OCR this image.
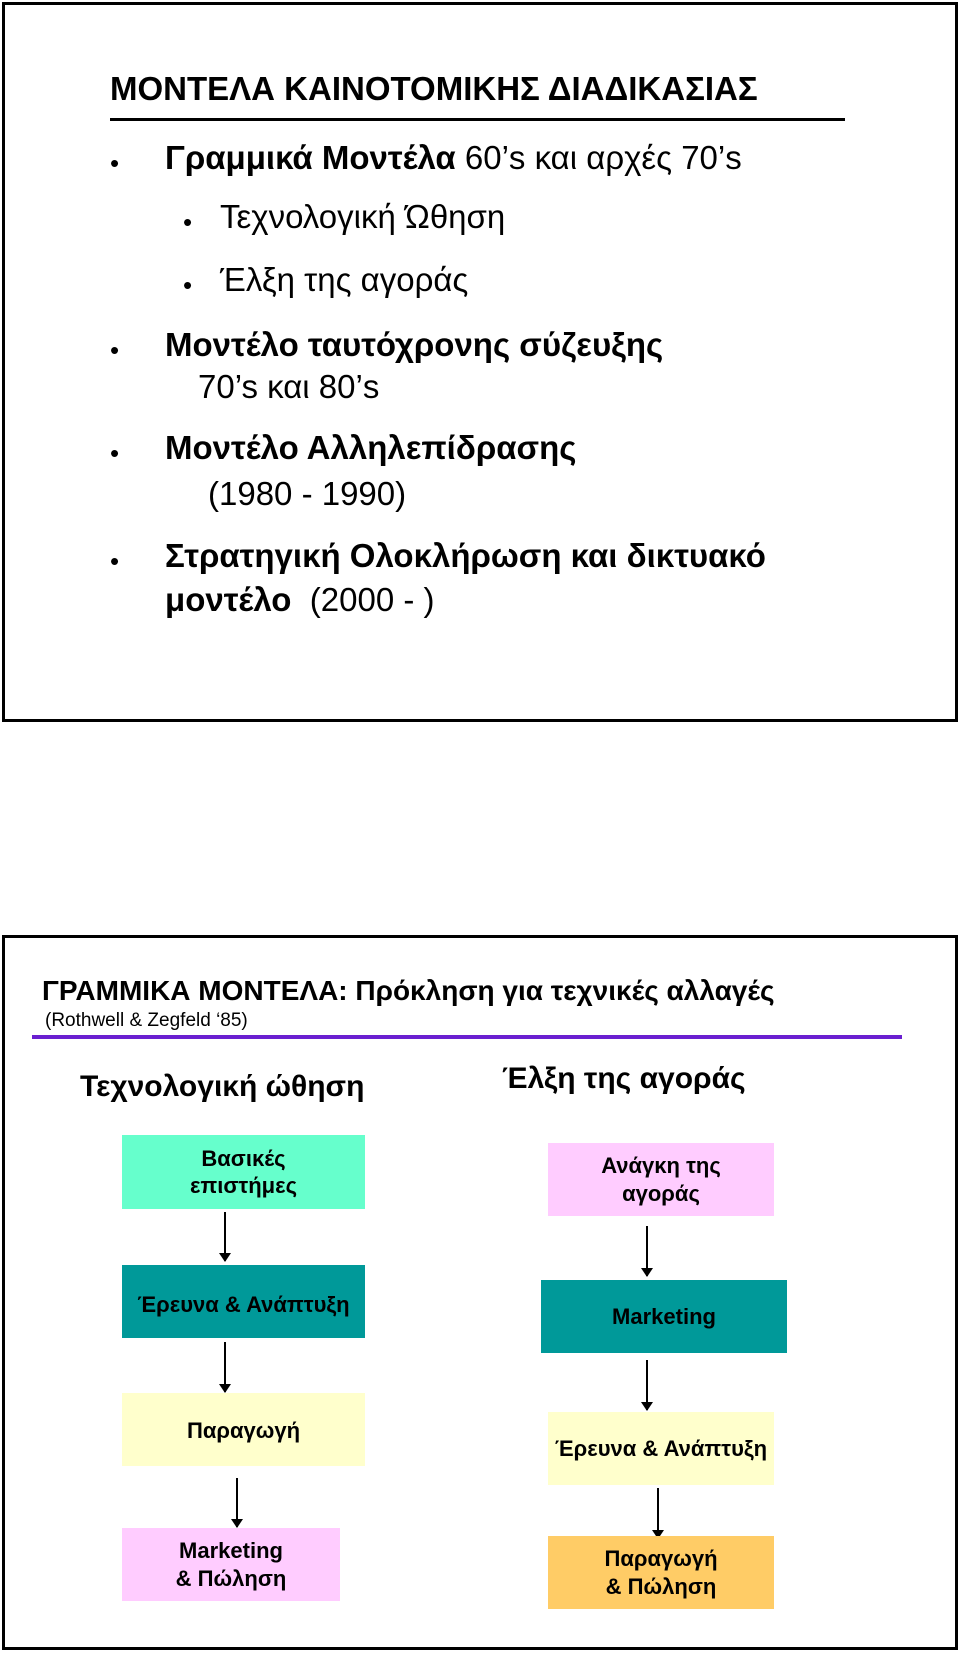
ΜΟΝΤΕΛΑ ΚΑΙΝΟΤΟΜΙΚΗΣ ΔΙΑΔΙΚΑΣΙΑΣ
• Γραμμικά Μοντέλα 60’s και αρχές 70’s
• Τεχνολογική Ώθηση
• Έλξη της αγοράς
• Μοντέλο ταυτόχρονης σύζευξης
70’s και 80’s
• Μοντέλο Αλληλεπίδρασης
(1980 - 1990)
• Στρατηγική Ολοκλήρωση και δικτυακό
μοντέλο  (2000 - )
ΓΡΑΜΜΙΚΑ ΜΟΝΤΕΛΑ: Πρόκληση για τεχνικές αλλαγές
(Rothwell & Zegfeld ‘85)
Τεχνολογική ώθηση	Έλξη της αγοράς
Βασικές
επιστήμες
Έρευνα & Ανάπτυξη
Παραγωγή
Marketing
& Πώληση
Ανάγκη της
αγοράς
Marketing
Έρευνα & Ανάπτυξη
Παραγωγή
& Πώληση
